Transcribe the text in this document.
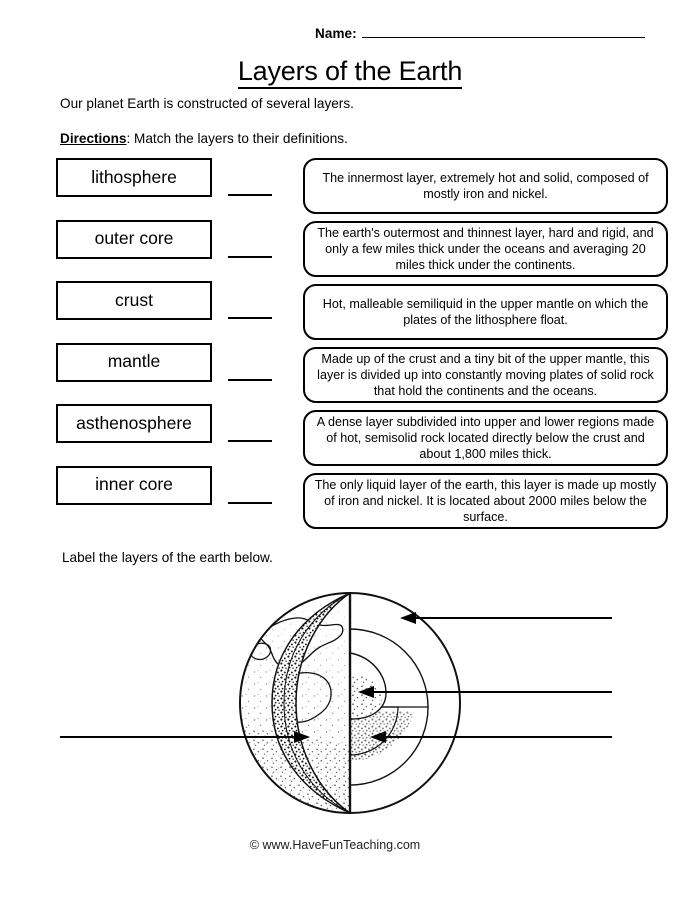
Name:
Layers of the Earth
Our planet Earth is constructed of several layers.
Directions: Match the layers to their definitions.
lithosphere
outer core
crust
mantle
asthenosphere
inner core
The innermost layer, extremely hot and solid, composed of mostly iron and nickel.
The earth's outermost and thinnest layer, hard and rigid, and only a few miles thick under the oceans and averaging 20 miles thick under the continents.
Hot, malleable semiliquid in the upper mantle on which the plates of the lithosphere float.
Made up of the crust and a tiny bit of the upper mantle, this layer is divided up into constantly moving plates of solid rock that hold the continents and the oceans.
A dense layer subdivided into upper and lower regions made of hot, semisolid rock located directly below the crust and about 1,800 miles thick.
The only liquid layer of the earth, this layer is made up mostly of iron and nickel. It is located about 2000 miles below the surface.
Label the layers of the earth below.
© www.HaveFunTeaching.com
